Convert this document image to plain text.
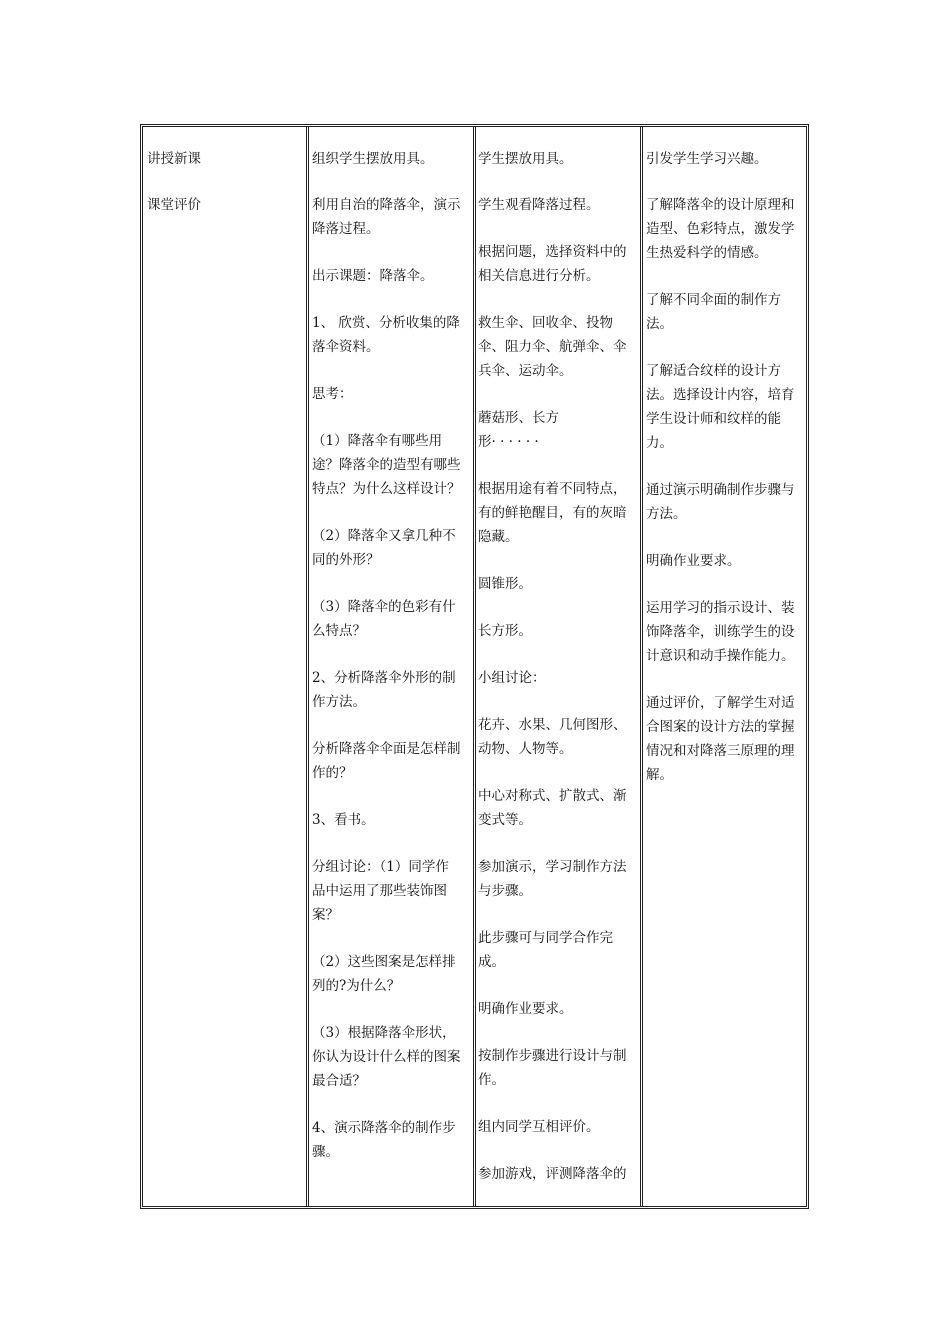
讲授新课

课堂评价

组织学生摆放用具。

利用自治的降落伞，演示
降落过程。

出示课题：降落伞。

1、 欣赏、分析收集的降
落伞资料。

思考：

（1）降落伞有哪些用
途？降落伞的造型有哪些
特点？为什么这样设计？

（2）降落伞又拿几种不
同的外形？

（3）降落伞的色彩有什
么特点？

2、分析降落伞外形的制
作方法。

分析降落伞伞面是怎样制
作的？

3、看书。

分组讨论：（1）同学作
品中运用了那些装饰图
案？

（2）这些图案是怎样排
列的?为什么？

（3）根据降落伞形状，
你认为设计什么样的图案
最合适？

4、演示降落伞的制作步
骤。

学生摆放用具。

学生观看降落过程。

根据问题，选择资料中的
相关信息进行分析。

救生伞、回收伞、投物
伞、阻力伞、航弹伞、伞
兵伞、运动伞。

蘑菇形、长方
形· · · · · ·

根据用途有着不同特点，
有的鲜艳醒目，有的灰暗
隐藏。

圆锥形。

长方形。

小组讨论：

花卉、水果、几何图形、
动物、人物等。

中心对称式、扩散式、渐
变式等。

参加演示，学习制作方法
与步骤。

此步骤可与同学合作完
成。

明确作业要求。

按制作步骤进行设计与制
作。

组内同学互相评价。

参加游戏，评测降落伞的

引发学生学习兴趣。

了解降落伞的设计原理和
造型、色彩特点，激发学
生热爱科学的情感。

了解不同伞面的制作方
法。

了解适合纹样的设计方
法。选择设计内容，培育
学生设计师和纹样的能
力。

通过演示明确制作步骤与
方法。

明确作业要求。

运用学习的指示设计、装
饰降落伞，训练学生的设
计意识和动手操作能力。

通过评价，了解学生对适
合图案的设计方法的掌握
情况和对降落三原理的理
解。
